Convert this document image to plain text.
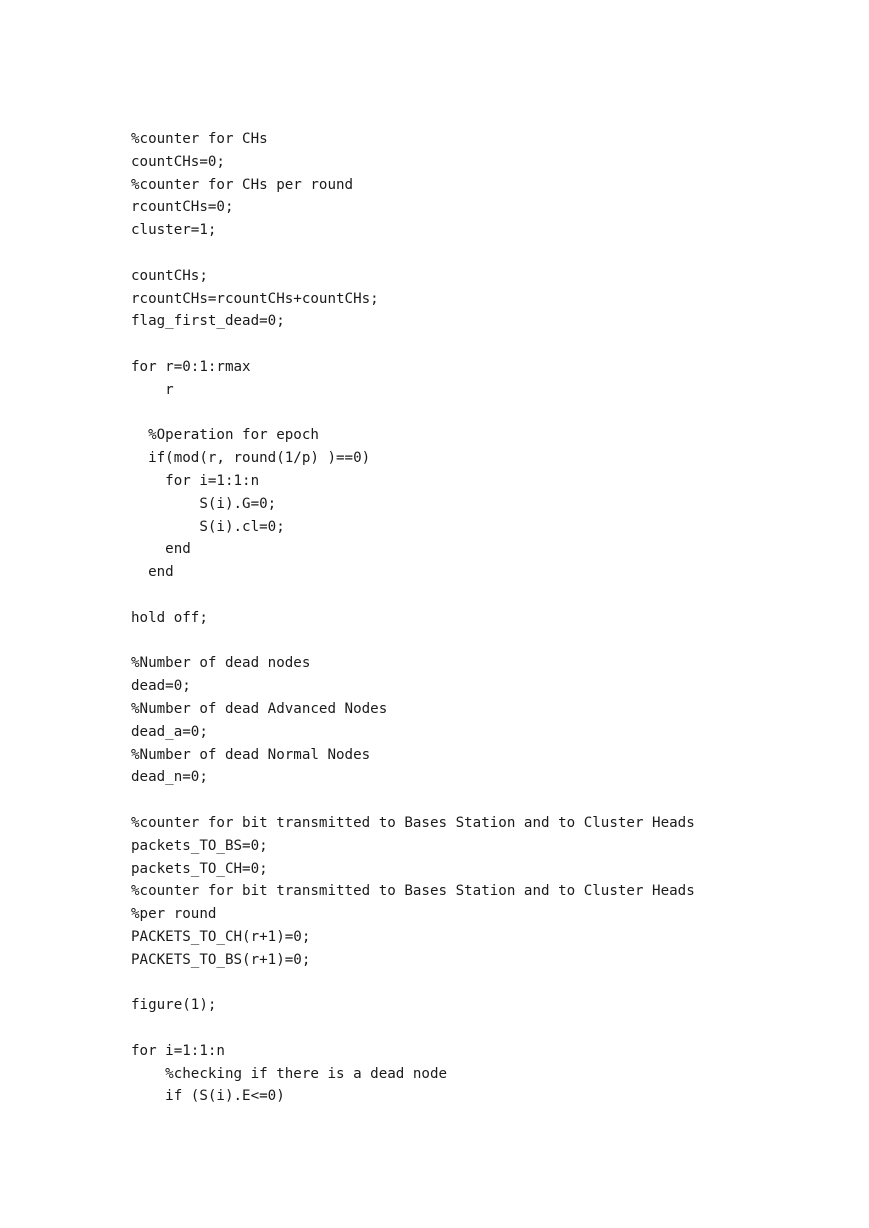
%counter for CHs
countCHs=0;
%counter for CHs per round
rcountCHs=0;
cluster=1;
countCHs;
rcountCHs=rcountCHs+countCHs;
flag_first_dead=0;
for r=0:1:rmax
r
%Operation for epoch
if(mod(r, round(1/p) )==0)
for i=1:1:n
S(i).G=0;
S(i).cl=0;
end
end
hold off;
%Number of dead nodes
dead=0;
%Number of dead Advanced Nodes
dead_a=0;
%Number of dead Normal Nodes
dead_n=0;
%counter for bit transmitted to Bases Station and to Cluster Heads
packets_TO_BS=0;
packets_TO_CH=0;
%counter for bit transmitted to Bases Station and to Cluster Heads
%per round
PACKETS_TO_CH(r+1)=0;
PACKETS_TO_BS(r+1)=0;
figure(1);
for i=1:1:n
%checking if there is a dead node
if (S(i).E<=0)
